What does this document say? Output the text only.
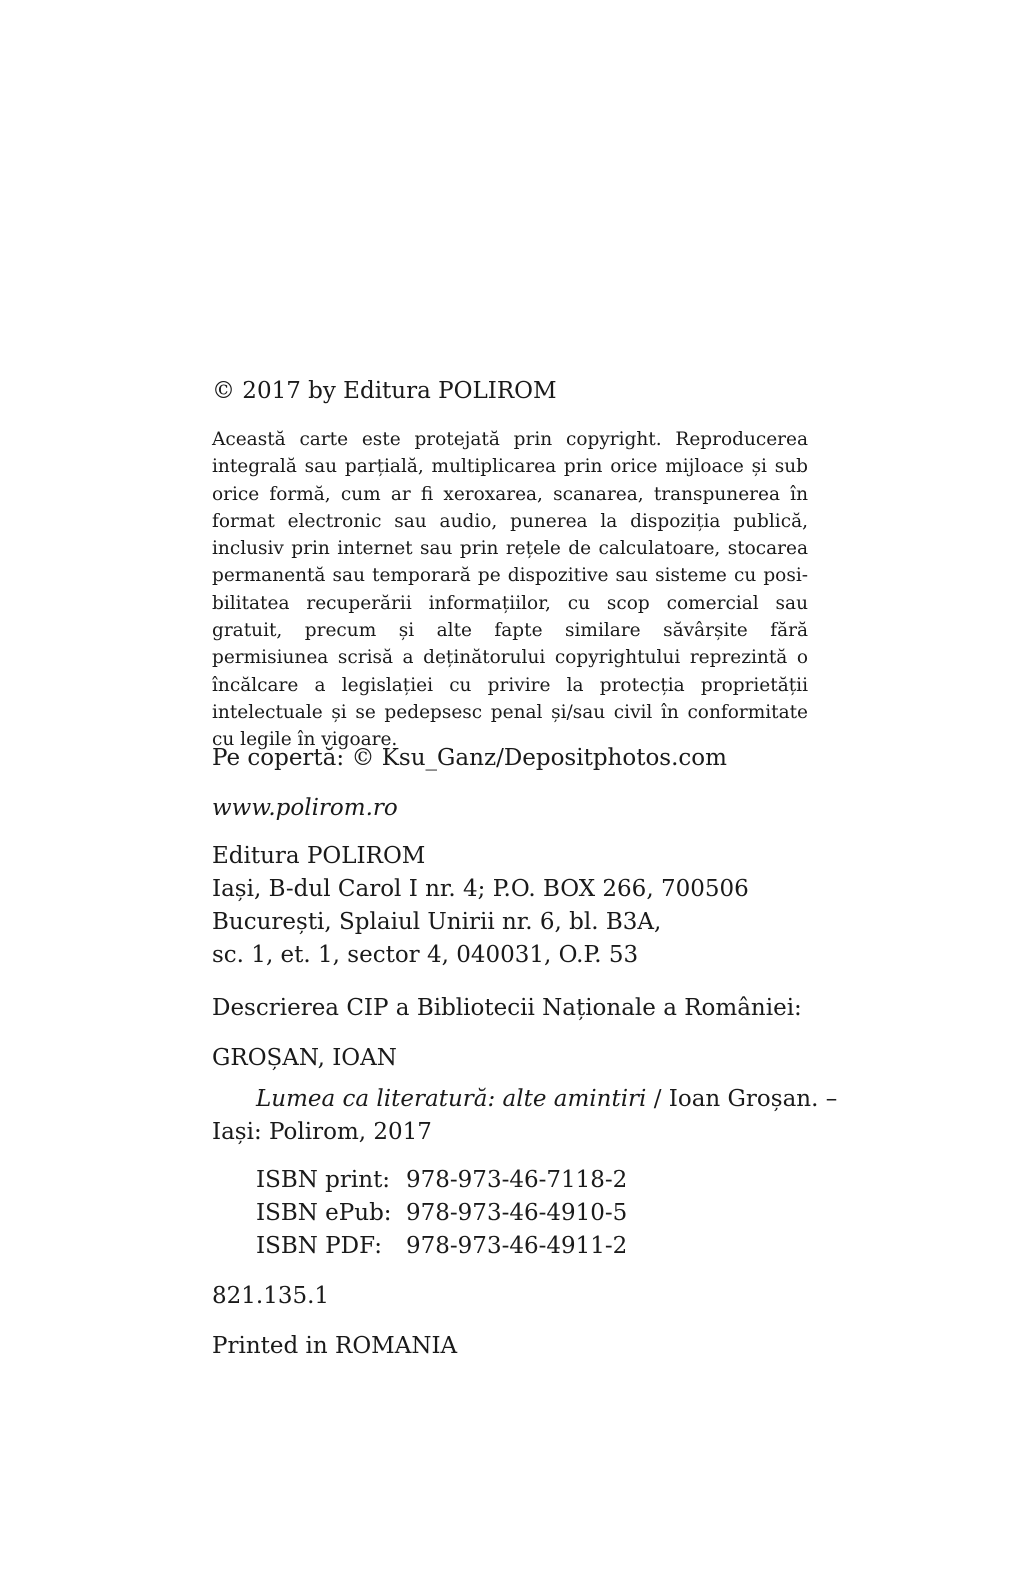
© 2017 by Editura POLIROM
Această carte este protejată prin copyright. Reproducerea integrală sau parțială, multiplicarea prin orice mijloace și sub orice formă, cum ar fi xeroxarea, scanarea, transpunerea în format electronic sau audio, punerea la dispoziția publică, inclusiv prin internet sau prin rețele de calculatoare, stocarea permanentă sau temporară pe dispozitive sau sisteme cu posibilitatea recuperării informațiilor, cu scop comercial sau gratuit, precum și alte fapte similare săvârșite fără permisiunea scrisă a deținătorului copyrightului reprezintă o încălcare a legislației cu privire la protecția proprietății intelectuale și se pedepsesc penal și/sau civil în conformitate cu legile în vigoare.
Pe copertă: © Ksu_Ganz/Depositphotos.com
www.polirom.ro
Editura POLIROM
Iași, B-dul Carol I nr. 4; P.O. BOX 266, 700506
București, Splaiul Unirii nr. 6, bl. B3A,
sc. 1, et. 1, sector 4, 040031, O.P. 53
Descrierea CIP a Bibliotecii Naționale a României:
GROȘAN, IOAN
Lumea ca literatură: alte amintiri / Ioan Groșan. –
Iași: Polirom, 2017
ISBN print:	978-973-46-7118-2
ISBN ePub:	978-973-46-4910-5
ISBN PDF:	978-973-46-4911-2
821.135.1
Printed in ROMANIA
